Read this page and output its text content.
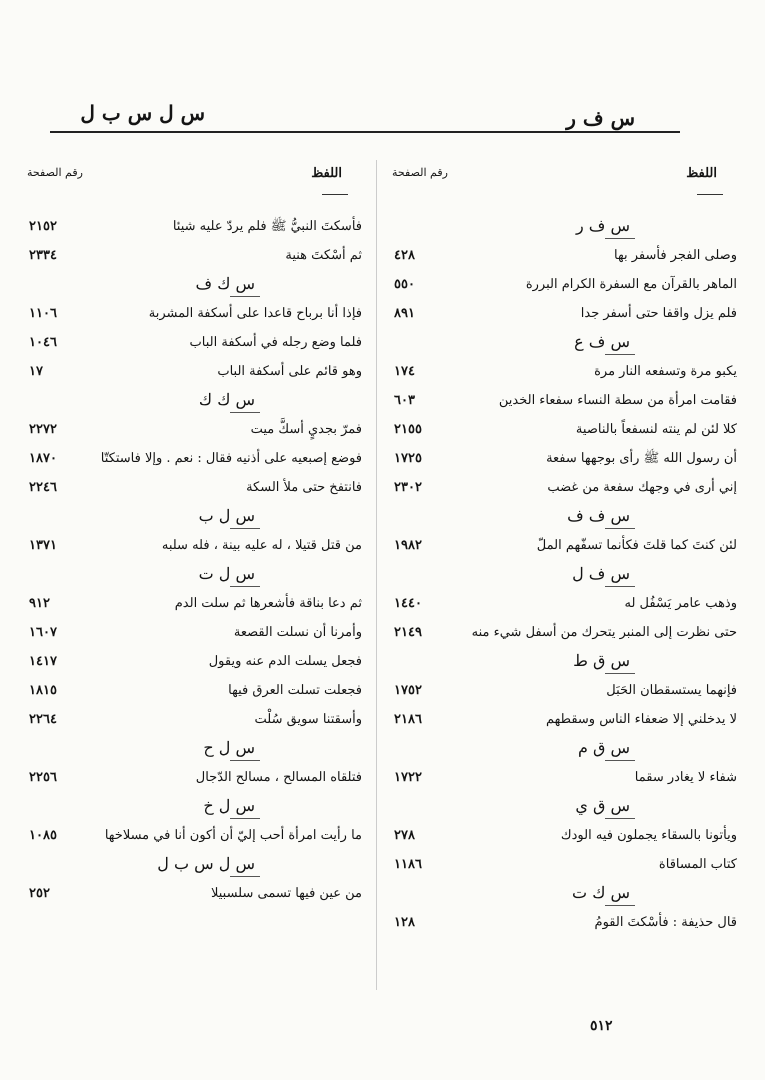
س ف ر
س ل س ب ل
اللفظ
رقم الصفحة
س ف ر
وصلى الفجر فأسفر بها
٤٢٨
الماهر بالقرآن مع السفرة الكرام البررة
٥٥٠
فلم يزل واقفا حتى أسفر جدا
٨٩١
س ف ع
يكبو مرة وتسفعه النار مرة
١٧٤
فقامت امرأة من سطة النساء سفعاء الخدين
٦٠٣
كلا لئن لم ينته لنسفعاً بالناصية
٢١٥٥
أن رسول الله ﷺ رأى بوجهها سفعة
١٧٢٥
إني أرى في وجهك سفعة من غضب
٢٣٠٢
س ف ف
لئن كنتَ كما قلتَ فكأنما تسفّهم الملّ
١٩٨٢
س ف ل
وذهب عامر يَسْفُل له
١٤٤٠
حتى نظرت إلى المنبر يتحرك من أسفل شيء منه
٢١٤٩
س ق ط
فإنهما يستسقطان الحَبَل
١٧٥٢
لا يدخلني إلا ضعفاء الناس وسقطهم
٢١٨٦
س ق م
شفاء لا يغادر سقما
١٧٢٢
س ق ي
ويأتونا بالسقاء يجملون فيه الودك
٢٧٨
كتاب المساقاة
١١٨٦
س ك ت
قال حذيفة : فأسْكتَ القومُ
١٢٨
اللفظ
رقم الصفحة
فأسكتَ النبيُّ ﷺ فلم يردّ عليه شيئا
٢١٥٢
ثم أسْكتَ هنية
٢٣٣٤
س ك ف
فإذا أنا برباح قاعدا على أسكفة المشربة
١١٠٦
فلما وضع رجله في أسكفة الباب
١٠٤٦
وهو قائم على أسكفة الباب
١٧
س ك ك
فمرّ بجديٍ أسكَّ ميت
٢٢٧٢
فوضع إصبعيه على أذنيه فقال : نعم . وإلا فاستكتّا
١٨٧٠
فانتفخ حتى ملأ السكة
٢٢٤٦
س ل ب
من قتل قتيلا ، له عليه بينة ، فله سلبه
١٣٧١
س ل ت
ثم دعا بناقة فأشعرها ثم سلت الدم
٩١٢
وأمرنا أن نسلت القصعة
١٦٠٧
فجعل يسلت الدم عنه ويقول
١٤١٧
فجعلت تسلت العرق فيها
١٨١٥
وأسقتنا سويق سُلْت
٢٢٦٤
س ل ح
فتلقاه المسالح ، مسالح الدّجال
٢٢٥٦
س ل خ
ما رأيت امرأة أحب إليّ أن أكون أنا في مسلاخها
١٠٨٥
س ل س ب ل
من عين فيها تسمى سلسبيلا
٢٥٢
٥١٢
